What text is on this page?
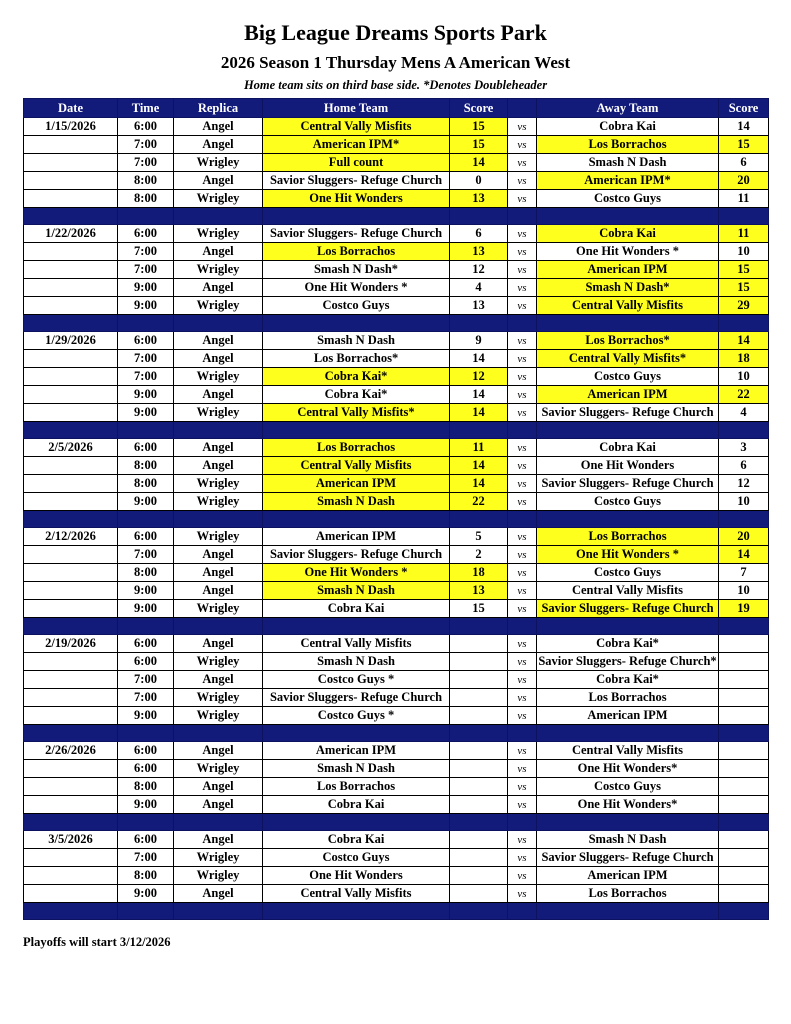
Big League Dreams Sports Park
2026 Season 1 Thursday Mens A American West
Home team sits on third base side. *Denotes Doubleheader
Date	Time	Replica	Home Team	Score		Away Team	Score
1/15/2026	6:00	Angel	Central Vally Misfits	15	vs	Cobra Kai	14
	7:00	Angel	American IPM*	15	vs	Los Borrachos	15
	7:00	Wrigley	Full count	14	vs	Smash N Dash	6
	8:00	Angel	Savior Sluggers- Refuge Church	0	vs	American IPM*	20
	8:00	Wrigley	One Hit Wonders	13	vs	Costco Guys	11

1/22/2026	6:00	Wrigley	Savior Sluggers- Refuge Church	6	vs	Cobra Kai	11
	7:00	Angel	Los Borrachos	13	vs	One Hit Wonders *	10
	7:00	Wrigley	Smash N Dash*	12	vs	American IPM	15
	9:00	Angel	One Hit Wonders *	4	vs	Smash N Dash*	15
	9:00	Wrigley	Costco Guys	13	vs	Central Vally Misfits	29

1/29/2026	6:00	Angel	Smash N Dash	9	vs	Los Borrachos*	14
	7:00	Angel	Los Borrachos*	14	vs	Central Vally Misfits*	18
	7:00	Wrigley	Cobra Kai*	12	vs	Costco Guys	10
	9:00	Angel	Cobra Kai*	14	vs	American IPM	22
	9:00	Wrigley	Central Vally Misfits*	14	vs	Savior Sluggers- Refuge Church	4

2/5/2026	6:00	Angel	Los Borrachos	11	vs	Cobra Kai	3
	8:00	Angel	Central Vally Misfits	14	vs	One Hit Wonders	6
	8:00	Wrigley	American IPM	14	vs	Savior Sluggers- Refuge Church	12
	9:00	Wrigley	Smash N Dash	22	vs	Costco Guys	10

2/12/2026	6:00	Wrigley	American IPM	5	vs	Los Borrachos	20
	7:00	Angel	Savior Sluggers- Refuge Church	2	vs	One Hit Wonders *	14
	8:00	Angel	One Hit Wonders *	18	vs	Costco Guys	7
	9:00	Angel	Smash N Dash	13	vs	Central Vally Misfits	10
	9:00	Wrigley	Cobra Kai	15	vs	Savior Sluggers- Refuge Church	19

2/19/2026	6:00	Angel	Central Vally Misfits		vs	Cobra Kai*	
	6:00	Wrigley	Smash N Dash		vs	Savior Sluggers- Refuge Church*	
	7:00	Angel	Costco Guys *		vs	Cobra Kai*	
	7:00	Wrigley	Savior Sluggers- Refuge Church		vs	Los Borrachos	
	9:00	Wrigley	Costco Guys *		vs	American IPM	

2/26/2026	6:00	Angel	American IPM		vs	Central Vally Misfits	
	6:00	Wrigley	Smash N Dash		vs	One Hit Wonders*	
	8:00	Angel	Los Borrachos		vs	Costco Guys	
	9:00	Angel	Cobra Kai		vs	One Hit Wonders*	

3/5/2026	6:00	Angel	Cobra Kai		vs	Smash N Dash	
	7:00	Wrigley	Costco Guys		vs	Savior Sluggers- Refuge Church	
	8:00	Wrigley	One Hit Wonders		vs	American IPM	
	9:00	Angel	Central Vally Misfits		vs	Los Borrachos	

Playoffs will start 3/12/2026
